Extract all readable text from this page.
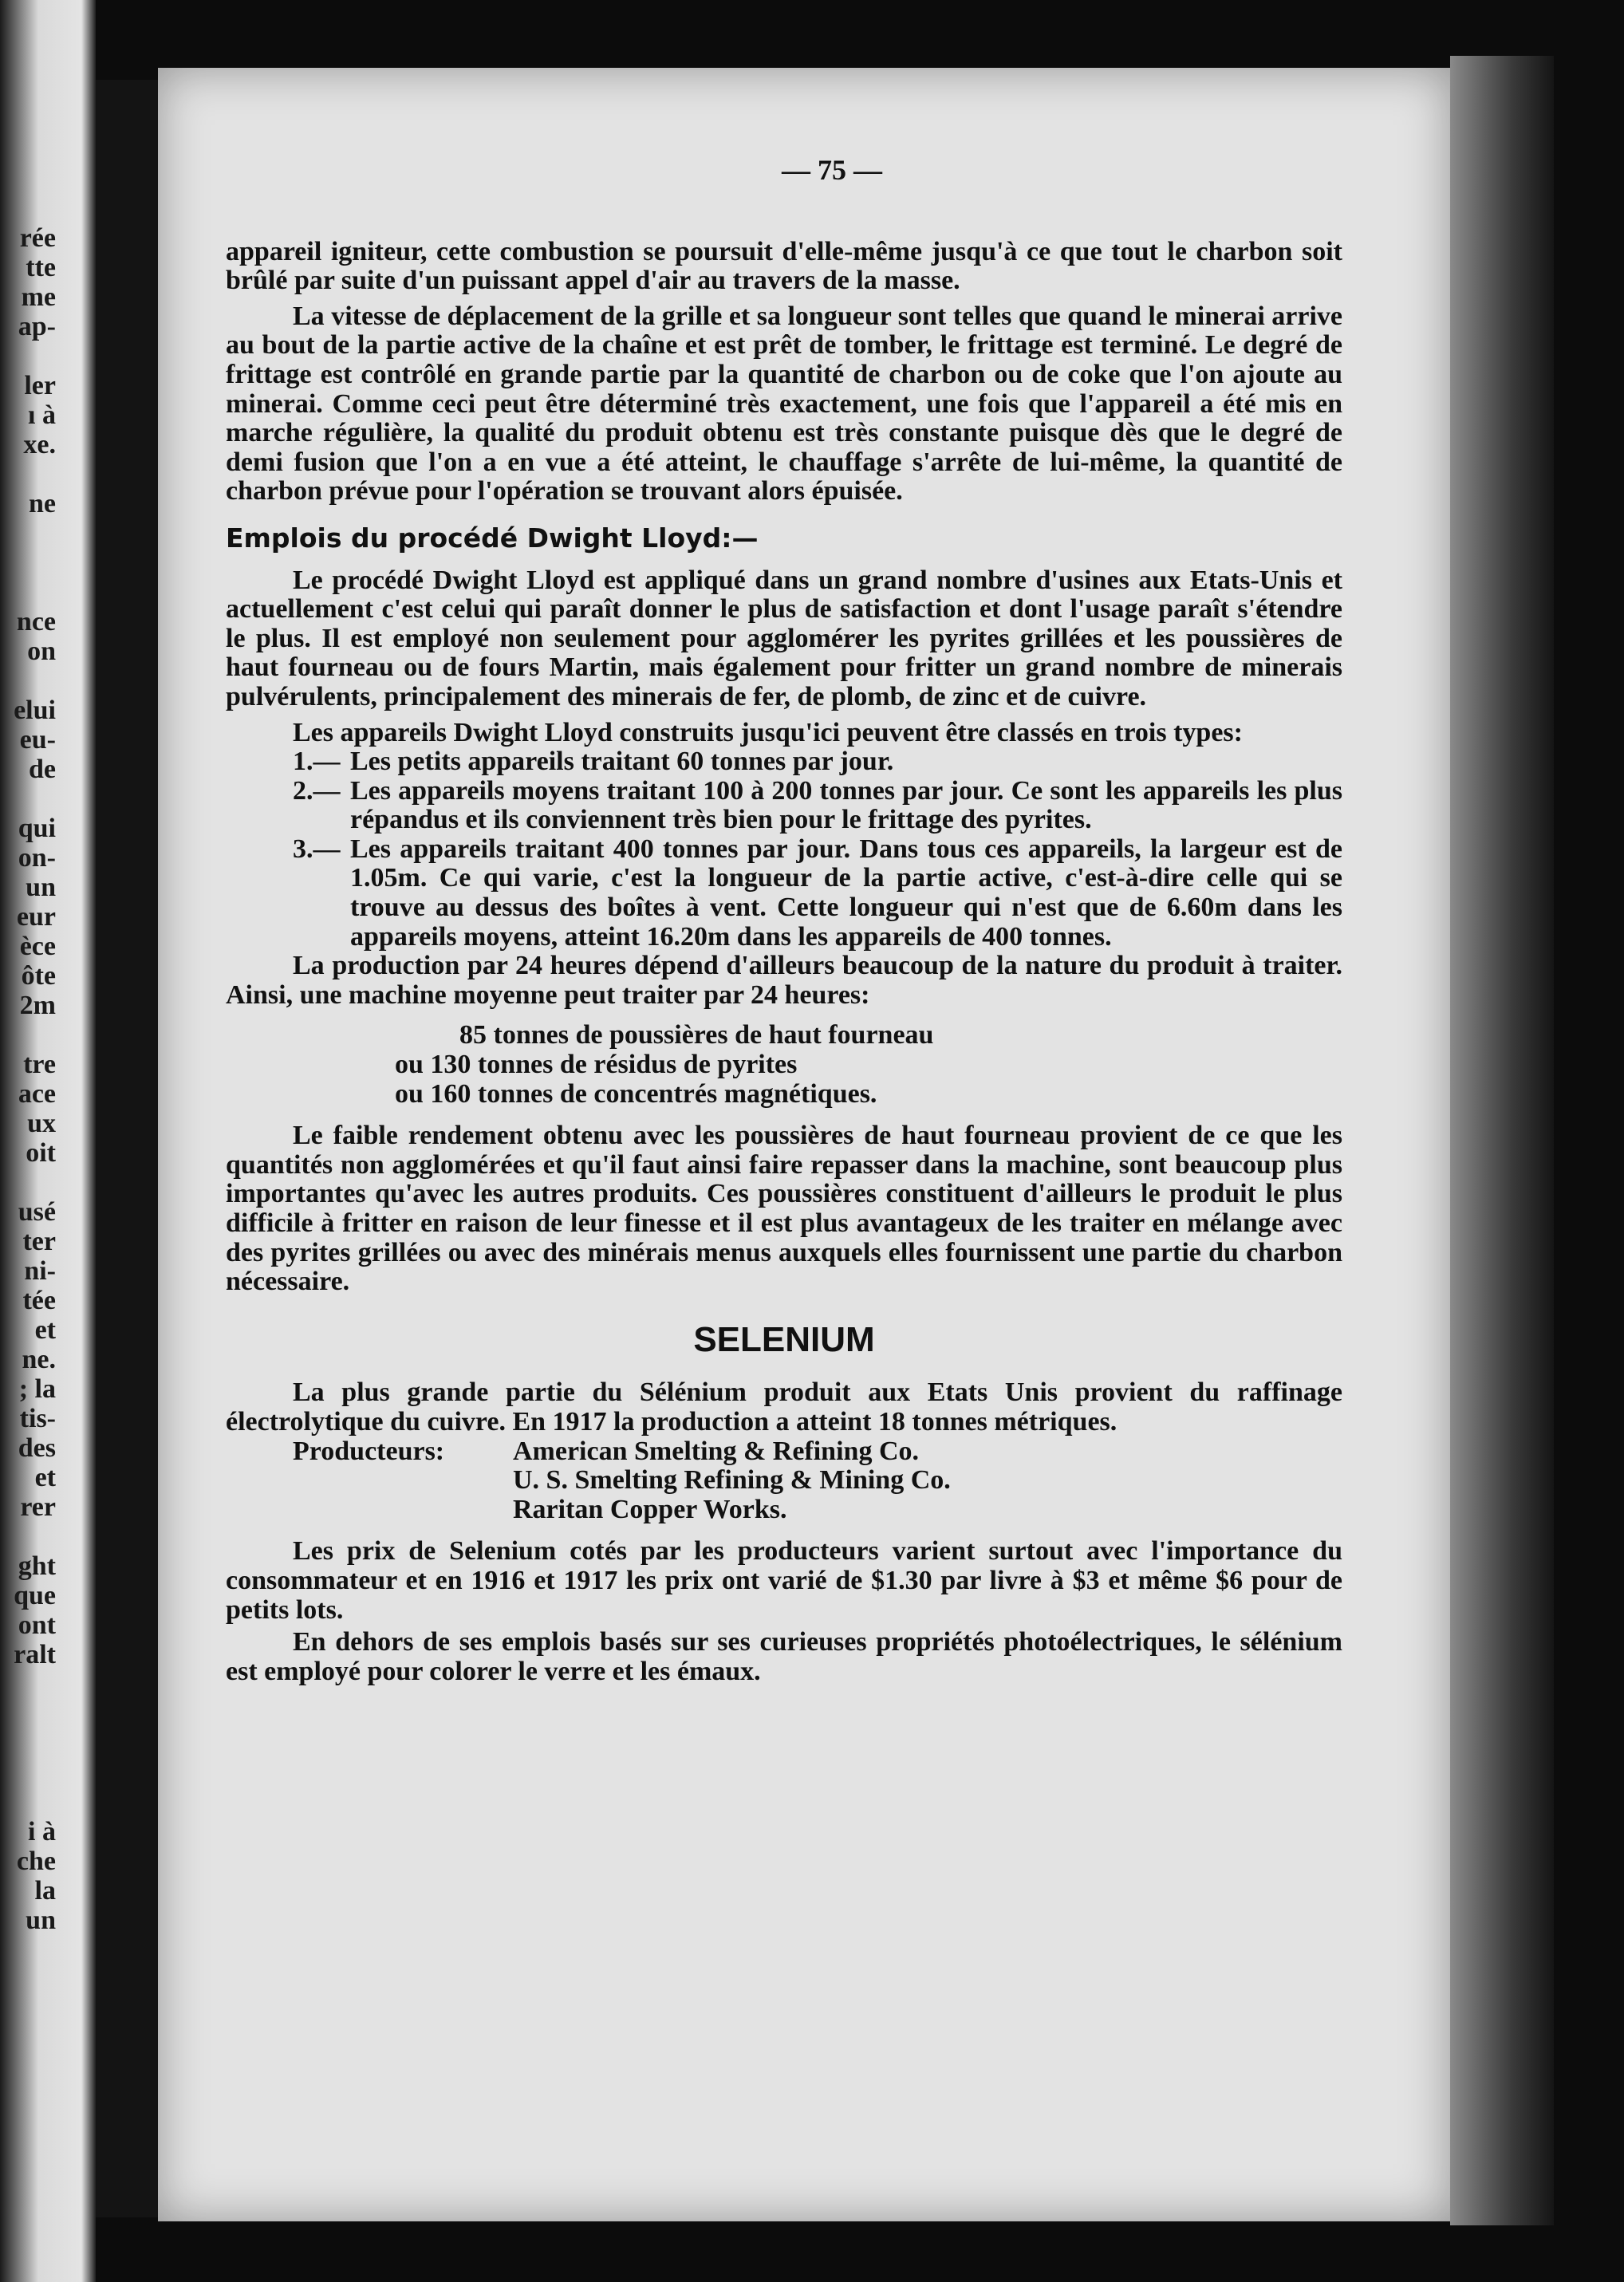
rée
tte
me
ap-
ler
ı à
xe.
ne
nce
on
elui
eu-
de
qui
on-
un
eur
èce
ôte
2m
tre
ace
ux
oit
usé
ter
ni-
tée
et
ne.
; la
tis-
des
et
rer
ght
que
ont
ralt
i à
che
la
un
— 75 —

appareil igniteur, cette combustion se poursuit d'elle-même jusqu'à ce que tout le charbon soit brûlé par suite d'un puissant appel d'air au travers de la masse.

La vitesse de déplacement de la grille et sa longueur sont telles que quand le minerai arrive au bout de la partie active de la chaîne et est prêt de tomber, le frittage est terminé. Le degré de frittage est contrôlé en grande partie par la quantité de charbon ou de coke que l'on ajoute au minerai. Comme ceci peut être déterminé très exactement, une fois que l'appareil a été mis en marche régulière, la qualité du produit obtenu est très constante puisque dès que le degré de demi fusion que l'on a en vue a été atteint, le chauffage s'arrête de lui-même, la quantité de charbon prévue pour l'opération se trouvant alors épuisée.

Emplois du procédé Dwight Lloyd:—

Le procédé Dwight Lloyd est appliqué dans un grand nombre d'usines aux Etats-Unis et actuellement c'est celui qui paraît donner le plus de satisfaction et dont l'usage paraît s'étendre le plus. Il est employé non seulement pour agglomérer les pyrites grillées et les poussières de haut fourneau ou de fours Martin, mais également pour fritter un grand nombre de minerais pulvérulents, principalement des minerais de fer, de plomb, de zinc et de cuivre.

Les appareils Dwight Lloyd construits jusqu'ici peuvent être classés en trois types:

1.— Les petits appareils traitant 60 tonnes par jour.

2.— Les appareils moyens traitant 100 à 200 tonnes par jour. Ce sont les appareils les plus répandus et ils conviennent très bien pour le frittage des pyrites.

3.— Les appareils traitant 400 tonnes par jour. Dans tous ces appareils, la largeur est de 1.05m. Ce qui varie, c'est la longueur de la partie active, c'est-à-dire celle qui se trouve au dessus des boîtes à vent. Cette longueur qui n'est que de 6.60m dans les appareils moyens, atteint 16.20m dans les appareils de 400 tonnes.

La production par 24 heures dépend d'ailleurs beaucoup de la nature du produit à traiter. Ainsi, une machine moyenne peut traiter par 24 heures:

85 tonnes de poussières de haut fourneau
ou 130 tonnes de résidus de pyrites
ou 160 tonnes de concentrés magnétiques.

Le faible rendement obtenu avec les poussières de haut fourneau provient de ce que les quantités non agglomérées et qu'il faut ainsi faire repasser dans la machine, sont beaucoup plus importantes qu'avec les autres produits. Ces poussières constituent d'ailleurs le produit le plus difficile à fritter en raison de leur finesse et il est plus avantageux de les traiter en mélange avec des pyrites grillées ou avec des minérais menus auxquels elles fournissent une partie du charbon nécessaire.

SELENIUM

La plus grande partie du Sélénium produit aux Etats Unis provient du raffinage électrolytique du cuivre. En 1917 la production a atteint 18 tonnes métriques.

Producteurs:	American Smelting & Refining Co.
U. S. Smelting Refining & Mining Co.
Raritan Copper Works.

Les prix de Selenium cotés par les producteurs varient surtout avec l'importance du consommateur et en 1916 et 1917 les prix ont varié de $1.30 par livre à $3 et même $6 pour de petits lots.

En dehors de ses emplois basés sur ses curieuses propriétés photoélectriques, le sélénium est employé pour colorer le verre et les émaux.
